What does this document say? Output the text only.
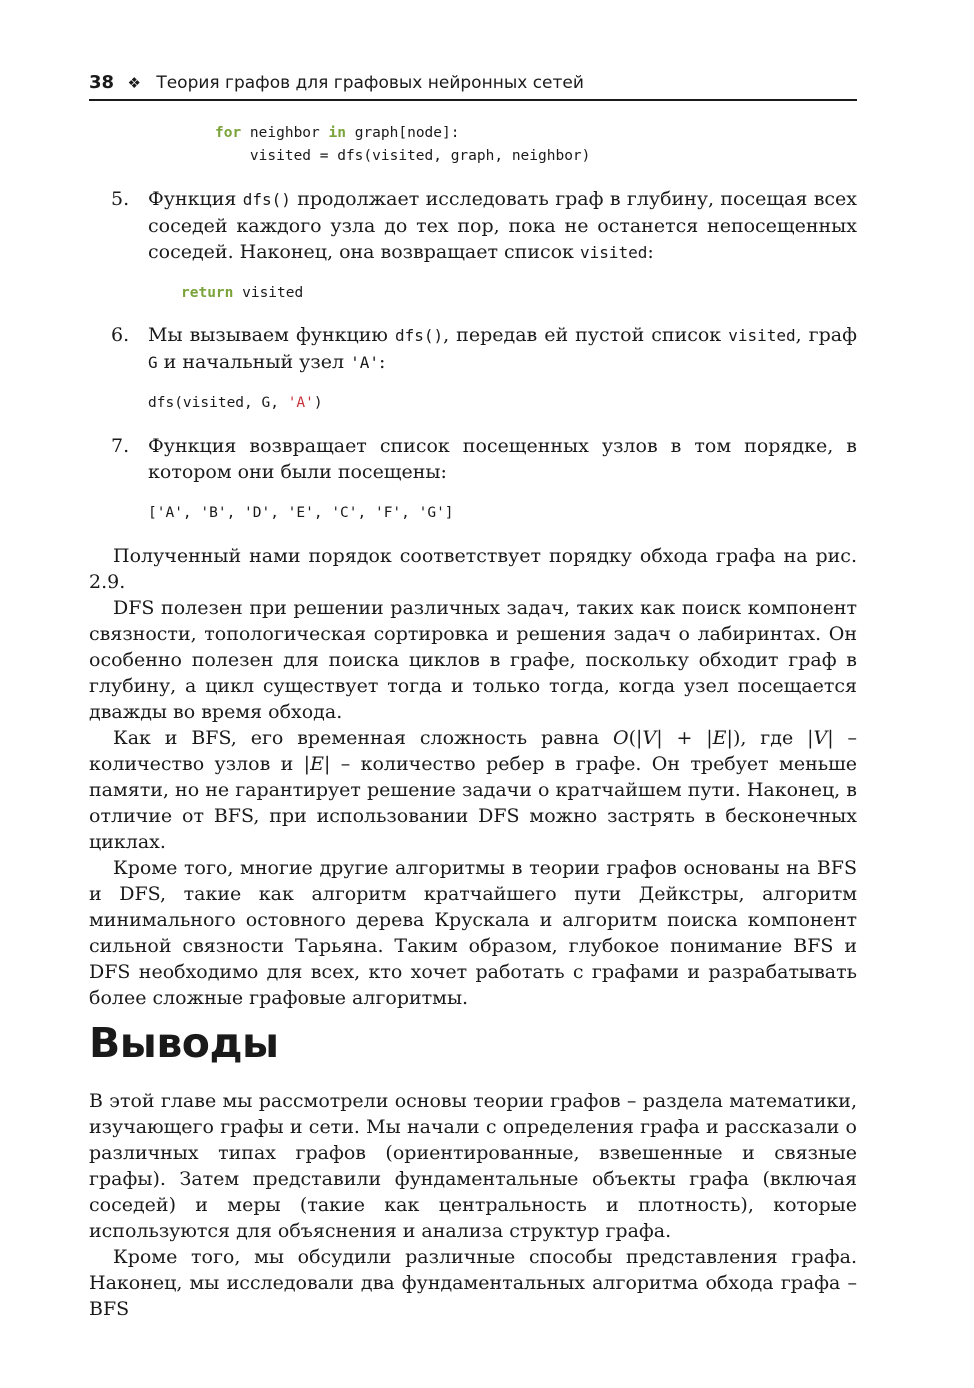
38 ❖ Теория графов для графовых нейронных сетей
for neighbor in graph[node]:
visited = dfs(visited, graph, neighbor)
5. Функция dfs() продолжает исследовать граф в глубину, посещая всех соседей каждого узла до тех пор, пока не останется непосещенных соседей. Наконец, она возвращает список visited:
return visited
6. Мы вызываем функцию dfs(), передав ей пустой список visited, граф G и начальный узел 'A':
dfs(visited, G, 'A')
7. Функция возвращает список посещенных узлов в том порядке, в котором они были посещены:
['A', 'B', 'D', 'E', 'C', 'F', 'G']

Полученный нами порядок соответствует порядку обхода графа на рис. 2.9.

DFS полезен при решении различных задач, таких как поиск компонент связности, топологическая сортировка и решения задач о лабиринтах. Он особенно полезен для поиска циклов в графе, поскольку обходит граф в глубину, а цикл существует тогда и только тогда, когда узел посещается дважды во время обхода.

Как и BFS, его временная сложность равна O(|V| + |E|), где |V| – количество узлов и |E| – количество ребер в графе. Он требует меньше памяти, но не гарантирует решение задачи о кратчайшем пути. Наконец, в отличие от BFS, при использовании DFS можно застрять в бесконечных циклах.

Кроме того, многие другие алгоритмы в теории графов основаны на BFS и DFS, такие как алгоритм кратчайшего пути Дейкстры, алгоритм минимального остовного дерева Крускала и алгоритм поиска компонент сильной связности Тарьяна. Таким образом, глубокое понимание BFS и DFS необходимо для всех, кто хочет работать с графами и разрабатывать более сложные графовые алгоритмы.

Выводы

В этой главе мы рассмотрели основы теории графов – раздела математики, изучающего графы и сети. Мы начали с определения графа и рассказали о различных типах графов (ориентированные, взвешенные и связные графы). Затем представили фундаментальные объекты графа (включая соседей) и меры (такие как центральность и плотность), которые используются для объяснения и анализа структур графа.

Кроме того, мы обсудили различные способы представления графа. Наконец, мы исследовали два фундаментальных алгоритма обхода графа – BFS
